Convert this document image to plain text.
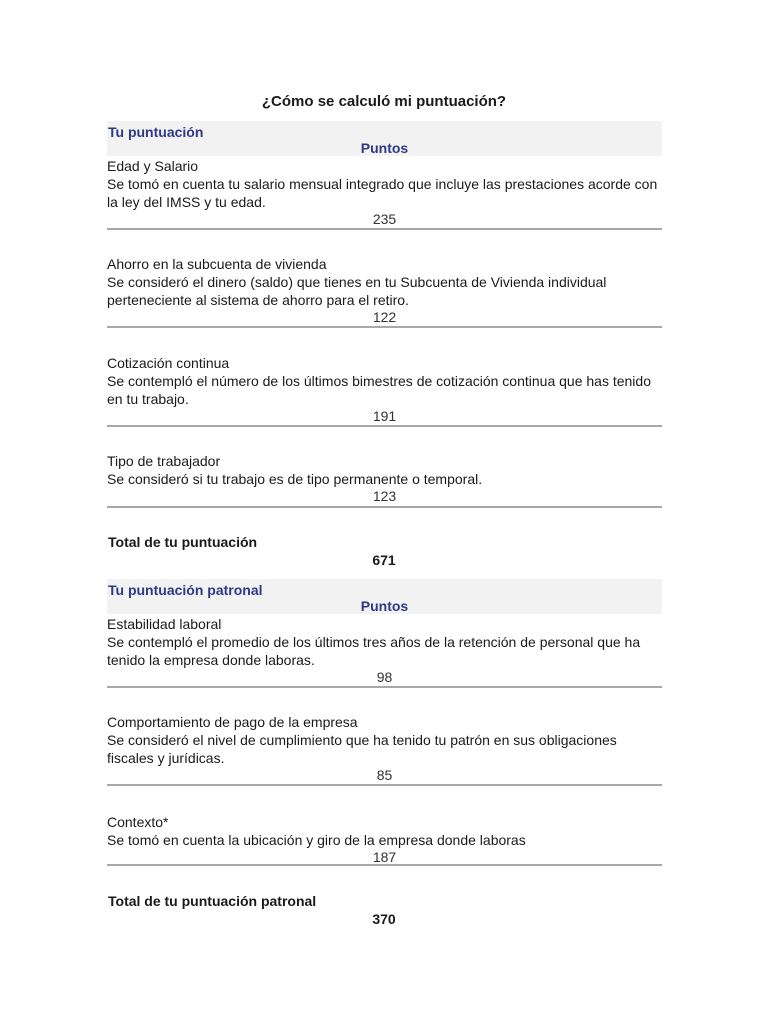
¿Cómo se calculó mi puntuación?
Tu puntuación
Puntos
Edad y Salario
Se tomó en cuenta tu salario mensual integrado que incluye las prestaciones acorde con la ley del IMSS y tu edad.
235
Ahorro en la subcuenta de vivienda
Se consideró el dinero (saldo) que tienes en tu Subcuenta de Vivienda individual perteneciente al sistema de ahorro para el retiro.
122
Cotización continua
Se contempló el número de los últimos bimestres de cotización continua que has tenido en tu trabajo.
191
Tipo de trabajador
Se consideró si tu trabajo es de tipo permanente o temporal.
123
Total de tu puntuación
671
Tu puntuación patronal
Puntos
Estabilidad laboral
Se contempló el promedio de los últimos tres años de la retención de personal que ha tenido la empresa donde laboras.
98
Comportamiento de pago de la empresa
Se consideró el nivel de cumplimiento que ha tenido tu patrón en sus obligaciones fiscales y jurídicas.
85
Contexto*
Se tomó en cuenta la ubicación y giro de la empresa donde laboras
187
Total de tu puntuación patronal
370
